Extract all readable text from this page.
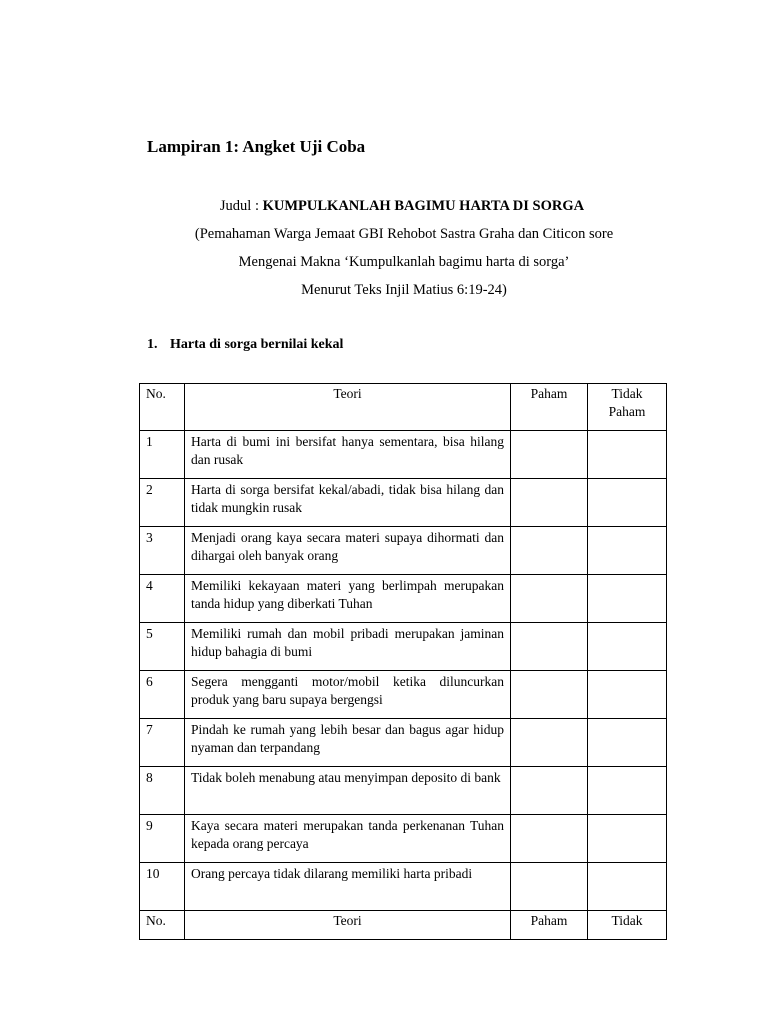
Lampiran 1: Angket Uji Coba
Judul : KUMPULKANLAH BAGIMU HARTA DI SORGA
(Pemahaman Warga Jemaat GBI Rehobot Sastra Graha dan Citicon sore
Mengenai Makna ‘Kumpulkanlah bagimu harta di sorga’
Menurut Teks Injil Matius 6:19-24)
1. Harta di sorga bernilai kekal
No.	Teori	Paham	Tidak Paham
1	Harta di bumi ini bersifat hanya sementara, bisa hilang dan rusak		
2	Harta di sorga bersifat kekal/abadi, tidak bisa hilang dan tidak mungkin rusak		
3	Menjadi orang kaya secara materi supaya dihormati dan dihargai oleh banyak orang		
4	Memiliki kekayaan materi yang berlimpah merupakan tanda hidup yang diberkati Tuhan		
5	Memiliki rumah dan mobil pribadi merupakan jaminan hidup bahagia di bumi		
6	Segera mengganti motor/mobil ketika diluncurkan produk yang baru supaya bergengsi		
7	Pindah ke rumah yang lebih besar dan bagus agar hidup nyaman dan terpandang		
8	Tidak boleh menabung atau menyimpan deposito di bank		
9	Kaya secara materi merupakan tanda perkenanan Tuhan kepada orang percaya		
10	Orang percaya tidak dilarang memiliki harta pribadi		
No.	Teori	Paham	Tidak
